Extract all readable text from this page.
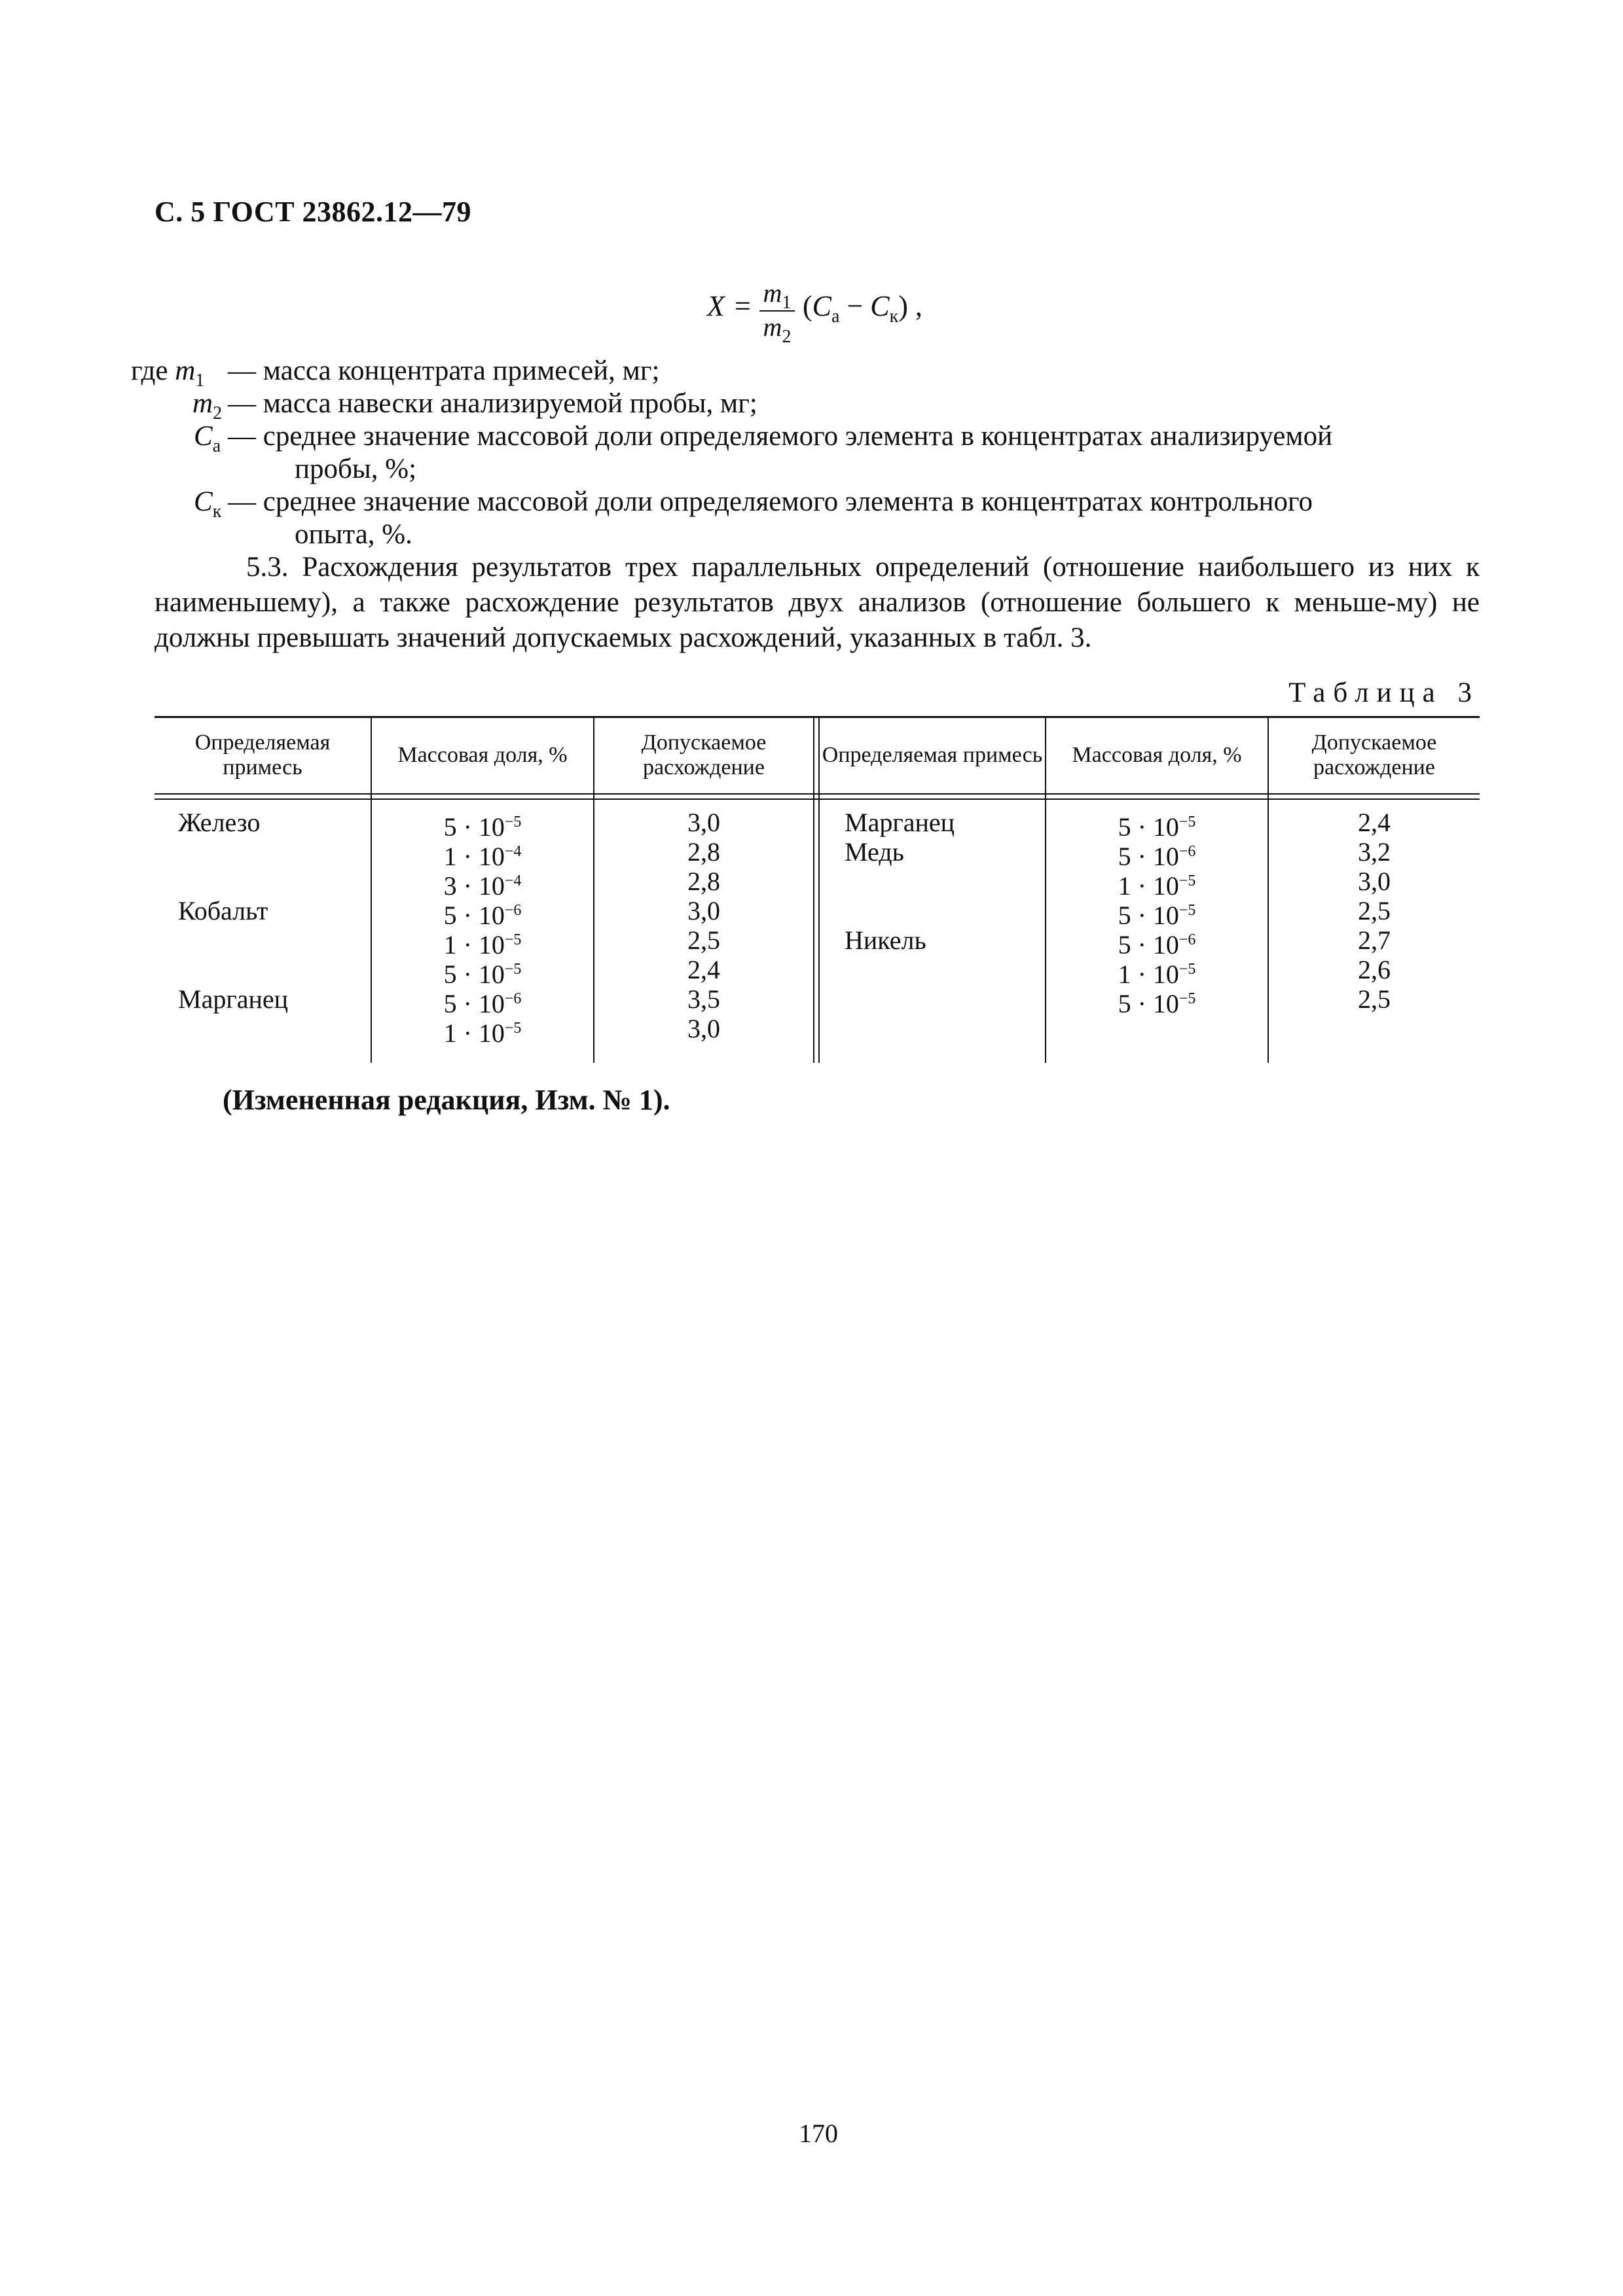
С. 5 ГОСТ 23862.12—79
$X = m_1$
$m_2$
$(C_а - C_к)$ ,
где $m_1$ — масса концентрата примесей, мг;
$m_2$ — масса навески анализируемой пробы, мг;
$C_а$ — среднее значение массовой доли определяемого элемента в концентратах анализируемой
пробы, %;
$C_к$ — среднее значение массовой доли определяемого элемента в концентратах контрольного
опыта, %.
5.3. Расхождения результатов трех параллельных определений (отношение наибольшего из них к наименьшему), а также расхождение результатов двух анализов (отношение большего к меньше-му) не должны превышать значений допускаемых расхождений, указанных в табл. 3.
Таблица 3
Определяемая примесь
Массовая доля, %
Допускаемое расхождение
Определяемая примесь	Массовая доля, %
Допускаемое расхождение
Железо
Кобальт
Марганец
$5 \cdot 10^{-5}$
$1 \cdot 10^{-4}$
$3 \cdot 10^{-4}$
$5 \cdot 10^{-6}$
$1 \cdot 10^{-5}$
$5 \cdot 10^{-5}$
$5 \cdot 10^{-6}$
$1 \cdot 10^{-5}$
3,0
2,8
2,8
3,0
2,5
2,4
3,5
3,0
Марганец
Медь
Никель
$5 \cdot 10^{-5}$
$5 \cdot 10^{-6}$
$1 \cdot 10^{-5}$
$5 \cdot 10^{-5}$
$5 \cdot 10^{-6}$
$1 \cdot 10^{-5}$
$5 \cdot 10^{-5}$
2,4
3,2
3,0
2,5
2,7
2,6
2,5
(Измененная редакция, Изм. № 1).
170
